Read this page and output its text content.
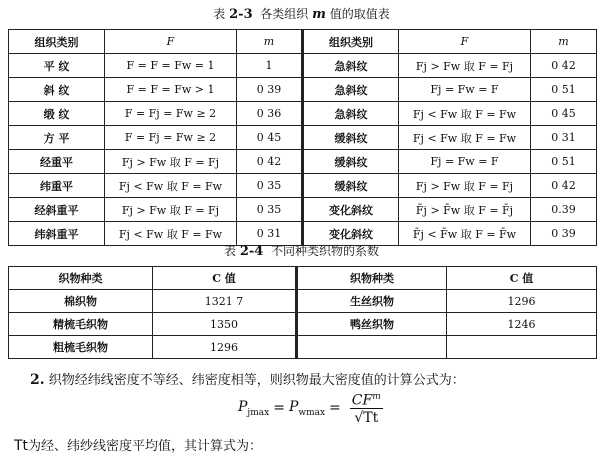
表 2-3 各类组织 m 值的取值表
组织类别	F	m	组织类别	F	m
平 纹	F = F = Fw = 1	1	急斜纹	Fj > Fw 取 F = Fj	0 42
斜 纹	F = F = Fw > 1	0 39	急斜纹	Fj = Fw = F	0 51
缎 纹	F = Fj = Fw ≥ 2	0 36	急斜纹	Fj < Fw 取 F = Fw	0 45
方 平	F = Fj = Fw ≥ 2	0 45	缓斜纹	Fj < Fw 取 F = Fw	0 31
经重平	Fj > Fw 取 F = Fj	0 42	缓斜纹	Fj = Fw = F	0 51
纬重平	Fj < Fw 取 F = Fw	0 35	缓斜纹	Fj > Fw 取 F = Fj	0 42
经斜重平	Fj > Fw 取 F = Fj	0 35	变化斜纹	F̄j > F̄w 取 F = F̄j	0.39
纬斜重平	Fj < Fw 取 F = Fw	0 31	变化斜纹	F̄j < F̄w 取 F = F̄w	0 39
表 2-4 不同种类织物的系数
织物种类	C 值	织物种类	C 值
棉织物	1321 7	生丝织物	1296
精梳毛织物	1350	鸭丝织物	1246
粗梳毛织物	1296		
2. 织物经纬线密度不等经、纬密度相等，则织物最大密度值的计算公式为：
$P_{jmax} = P_{wmax} = \frac{CF^m}{√Tt}$
Tt为经、纬纱线密度平均值，其计算式为：
